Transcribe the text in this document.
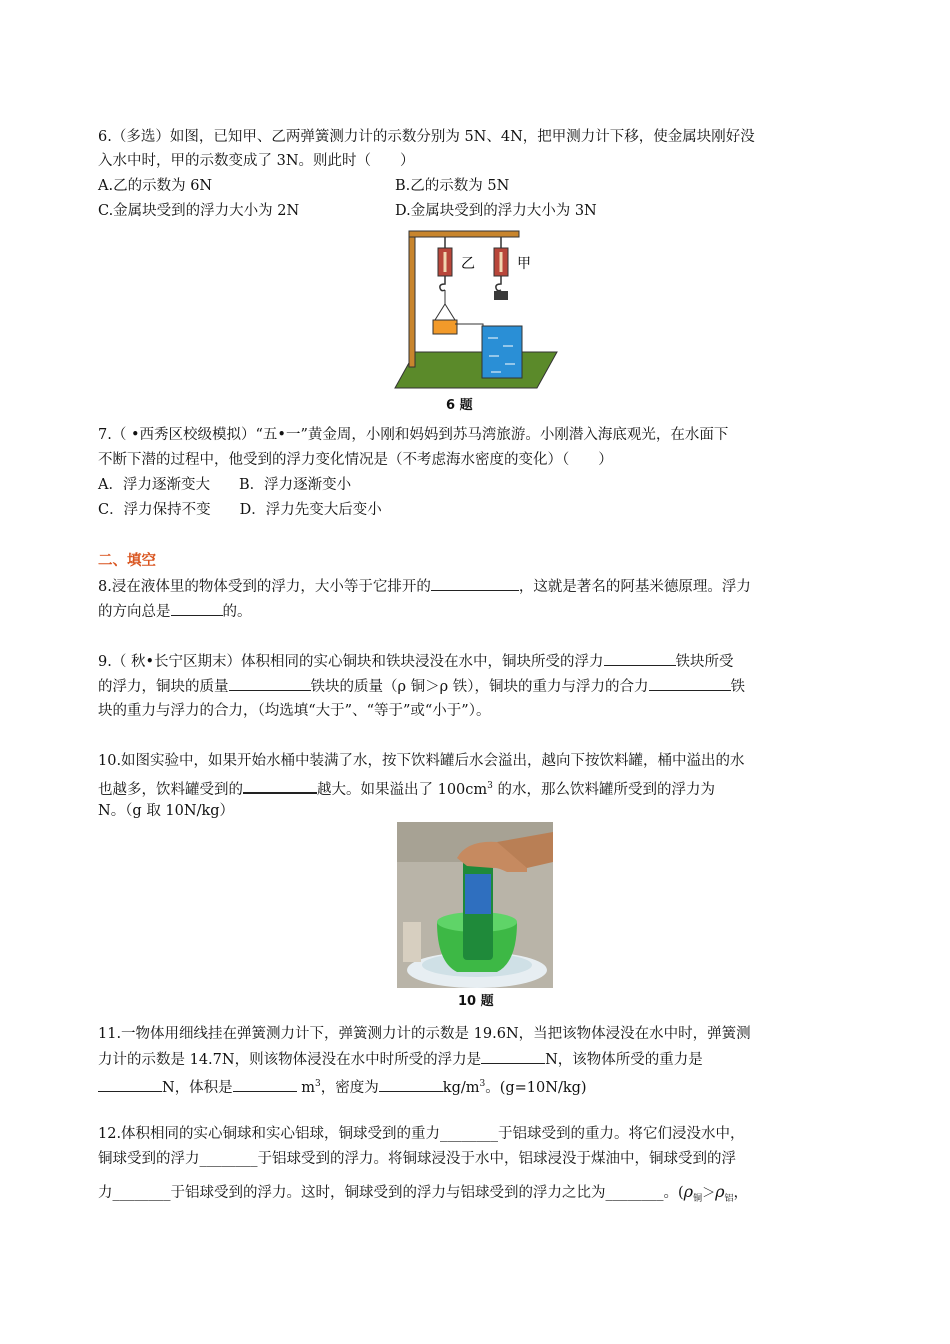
6.（多选）如图，已知甲、乙两弹簧测力计的示数分别为 5N、4N，把甲测力计下移，使金属块刚好没
入水中时，甲的示数变成了 3N。则此时（　　）
A.乙的示数为 6N	B.乙的示数为 5N
C.金属块受到的浮力大小为 2N	D.金属块受到的浮力大小为 3N
乙	甲
6 题
7.（ •西秀区校级模拟）“五•一”黄金周，小刚和妈妈到苏马湾旅游。小刚潜入海底观光，在水面下
不断下潜的过程中，他受到的浮力变化情况是（不考虑海水密度的变化）（　　）
A．浮力逐渐变大　　B．浮力逐渐变小
C．浮力保持不变　　D．浮力先变大后变小
二、填空
8.浸在液体里的物体受到的浮力，大小等于它排开的	，这就是著名的阿基米德原理。浮力
的方向总是	的。
9.（ 秋•长宁区期末）体积相同的实心铜块和铁块浸没在水中，铜块所受的浮力	铁块所受
的浮力，铜块的质量	铁块的质量（ρ 铜＞ρ 铁），铜块的重力与浮力的合力	铁
块的重力与浮力的合力，（均选填“大于”、“等于”或“小于”）。
10.如图实验中，如果开始水桶中装满了水，按下饮料罐后水会溢出，越向下按饮料罐，桶中溢出的水
也越多，饮料罐受到的	越大。如果溢出了 $100cm^3$ 的水，那么饮料罐所受到的浮力为
N。（g 取 10N/kg）
10 题
11.一物体用细线挂在弹簧测力计下，弹簧测力计的示数是 19.6N，当把该物体浸没在水中时，弹簧测
力计的示数是 14.7N，则该物体浸没在水中时所受的浮力是	N，该物体所受的重力是
N，体积是	$m^3$，密度为	$kg/m^3$。(g=10N/kg)
12.体积相同的实心铜球和实心铝球，铜球受到的重力________于铝球受到的重力。将它们浸没水中，
铜球受到的浮力________于铝球受到的浮力。将铜球浸没于水中，铝球浸没于煤油中，铜球受到的浮
力________于铝球受到的浮力。这时，铜球受到的浮力与铝球受到的浮力之比为________。($\rho_铜>\rho_铝$，
